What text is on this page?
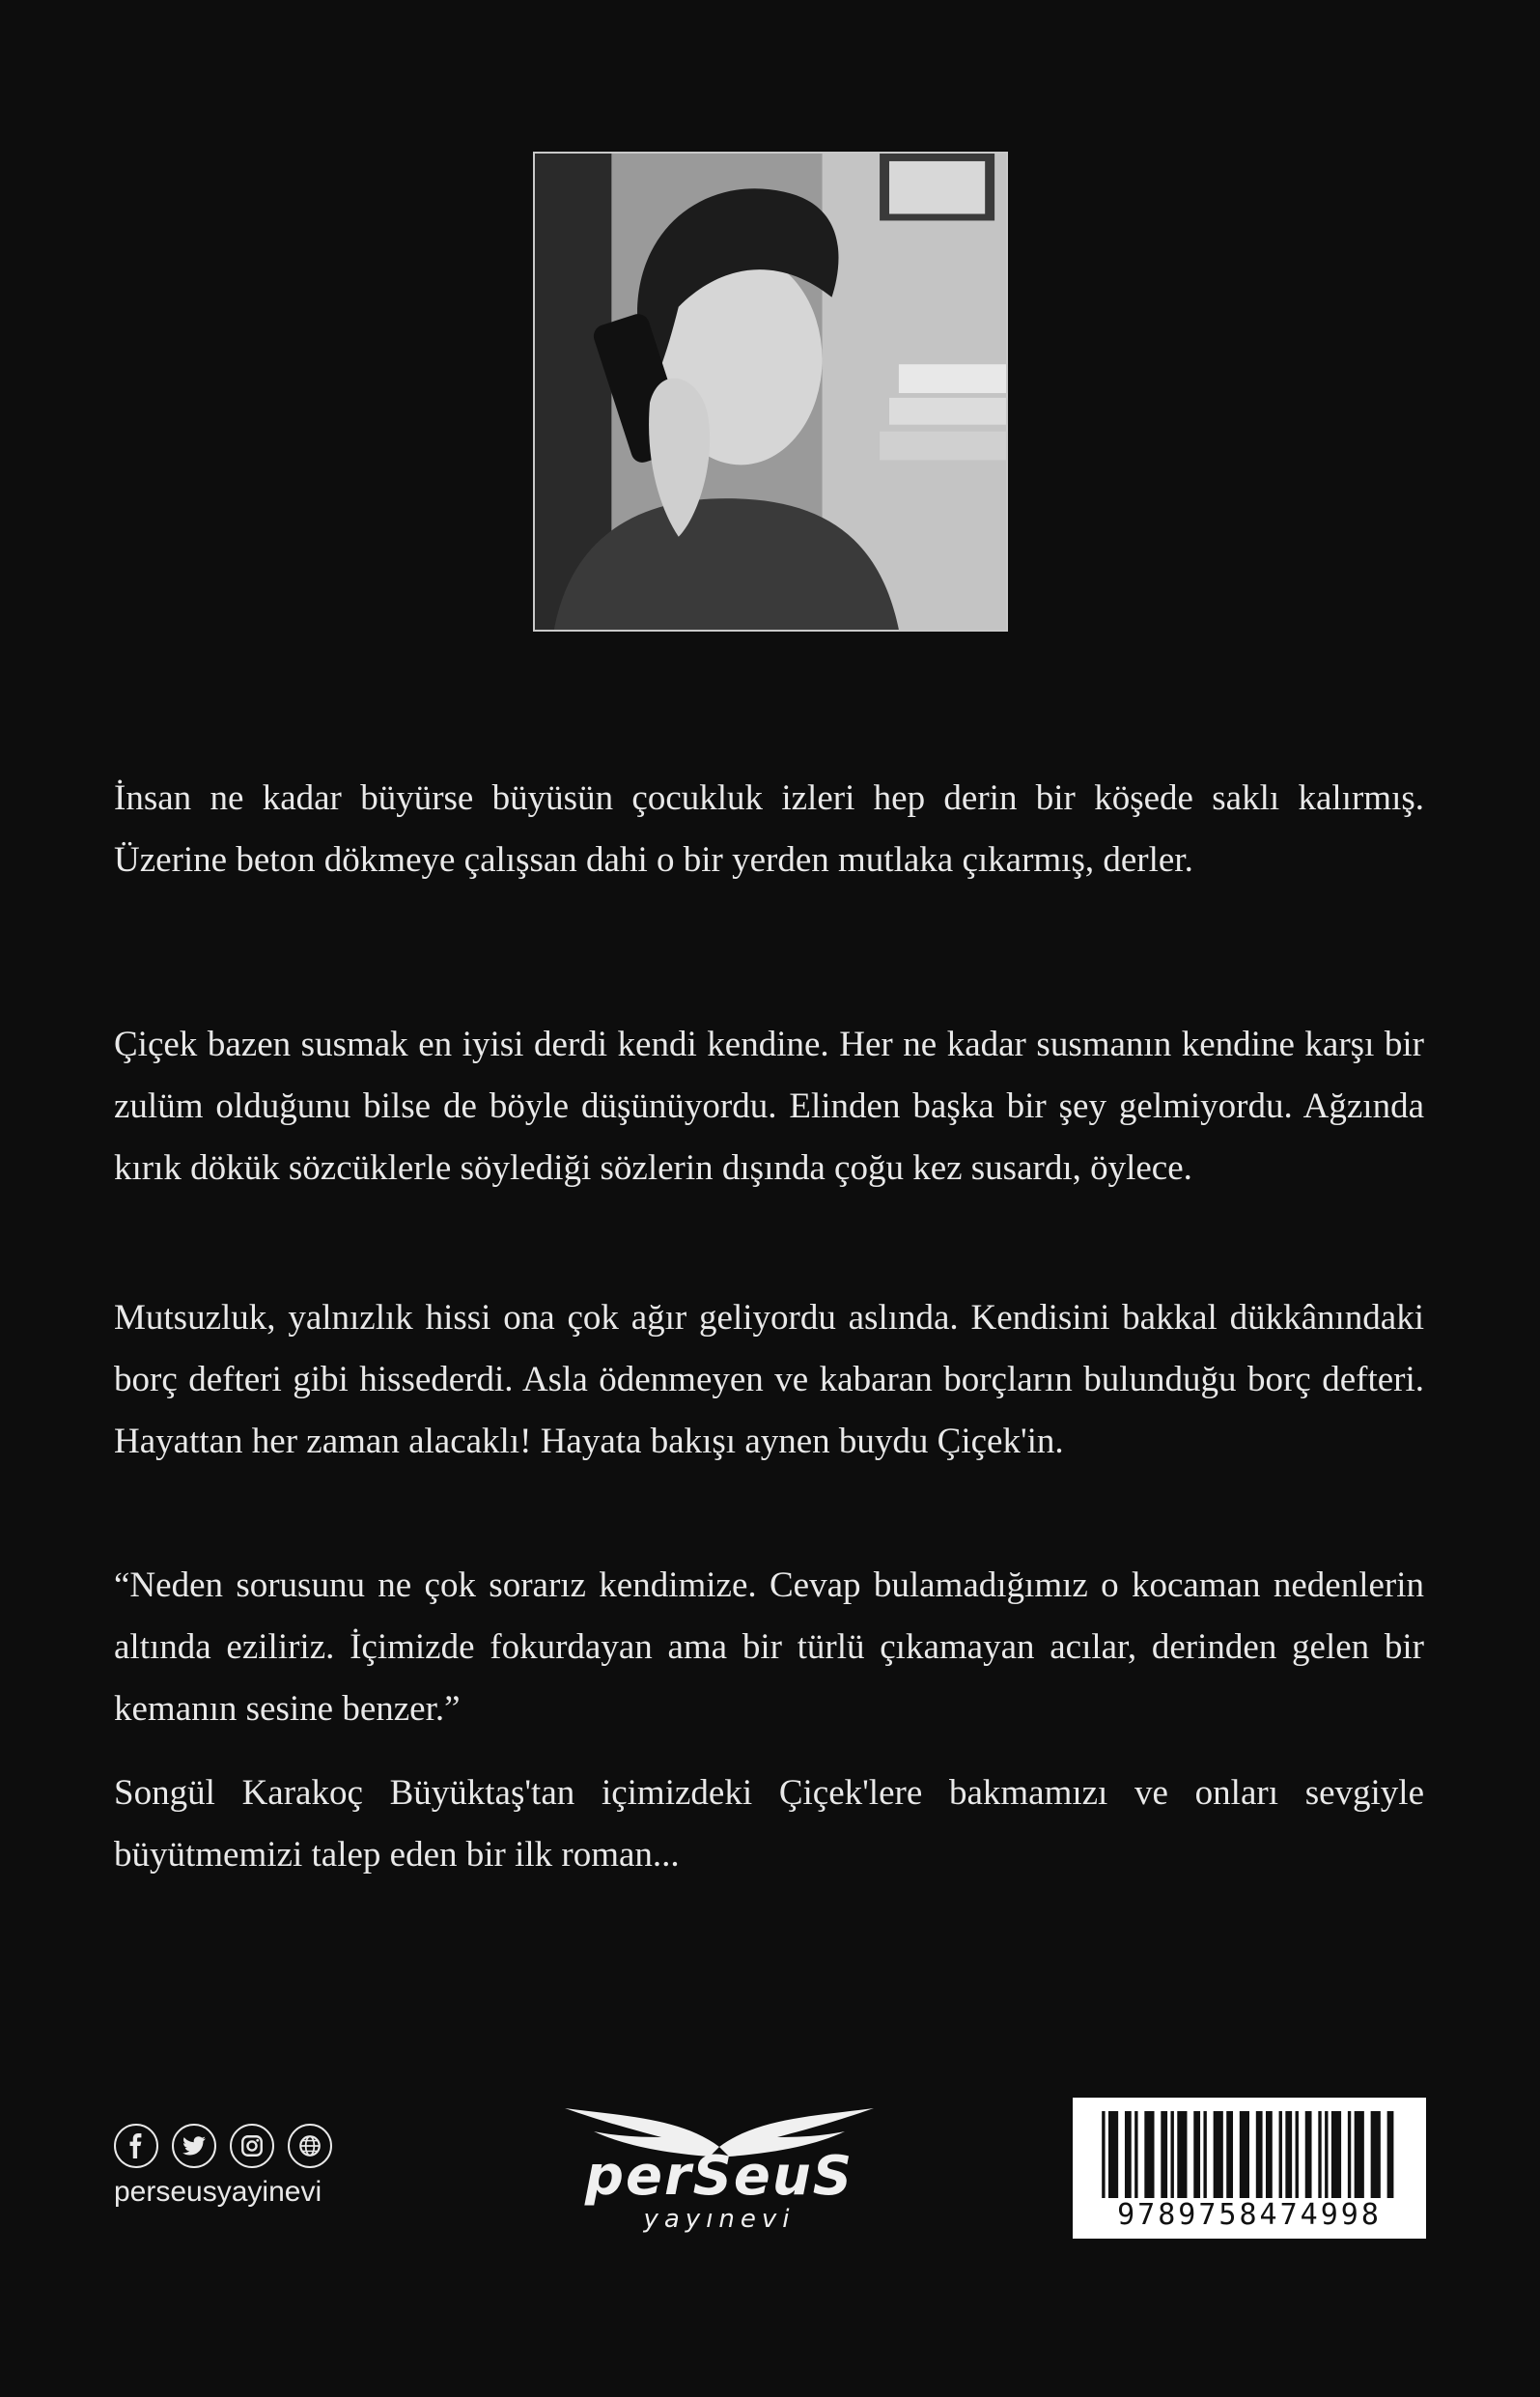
İnsan ne kadar büyürse büyüsün çocukluk izleri hep derin bir köşede saklı kalırmış. Üzerine beton dökmeye çalışsan dahi o bir yerden mutlaka çıkarmış, derler.

Çiçek bazen susmak en iyisi derdi kendi kendine. Her ne kadar susmanın kendine karşı bir zulüm olduğunu bilse de böyle düşünüyordu. Elinden başka bir şey gelmiyordu. Ağzında kırık dökük sözcüklerle söylediği sözlerin dışında çoğu kez susardı, öylece.

Mutsuzluk, yalnızlık hissi ona çok ağır geliyordu aslında. Kendisini bakkal dükkânındaki borç defteri gibi hissederdi. Asla ödenmeyen ve kabaran borçların bulunduğu borç defteri. Hayattan her zaman alacaklı! Hayata bakışı aynen buydu Çiçek'in.

“Neden sorusunu ne çok sorarız kendimize. Cevap bulamadığımız o kocaman nedenlerin altında eziliriz. İçimizde fokurdayan ama bir türlü çıkamayan acılar, derinden gelen bir kemanın sesine benzer.”

Songül Karakoç Büyüktaş'tan içimizdeki Çiçek'lere bakmamızı ve onları sevgiyle büyütmemizi talep eden bir ilk roman...

perseusyayinevi	perSeuS
yayınevi	9789758474998
